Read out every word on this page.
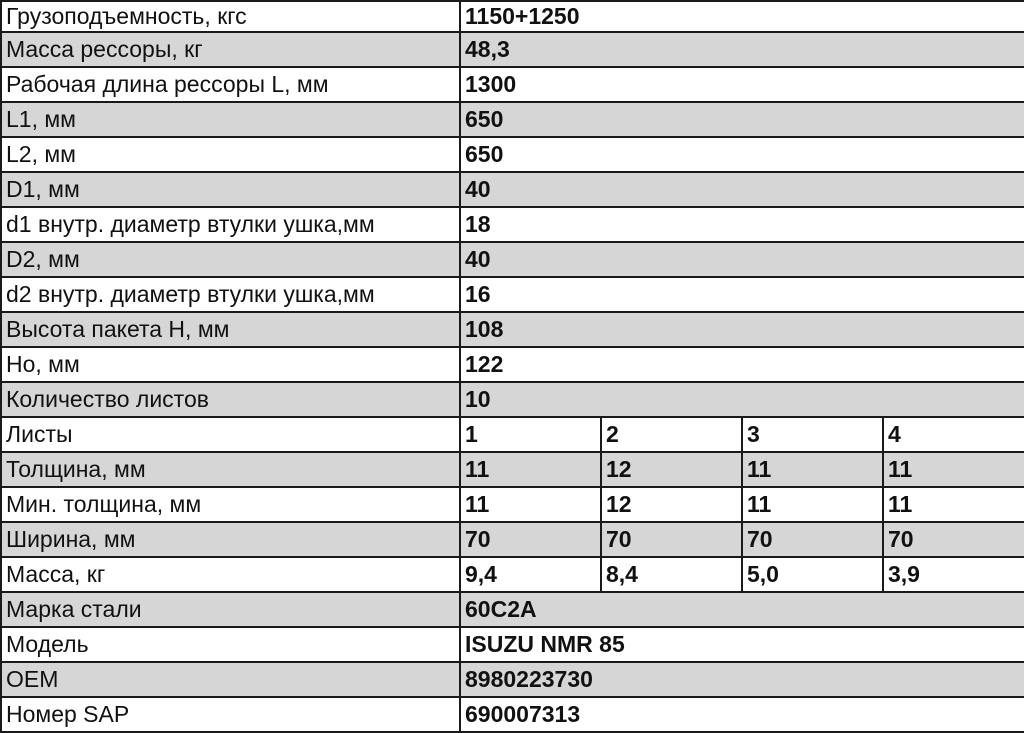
Грузоподъемность, кгс	1150+1250			
Масса рессоры, кг	48,3			
Рабочая длина рессоры L, мм	1300			
L1, мм	650			
L2, мм	650			
D1, мм	40			
d1 внутр. диаметр втулки ушка,мм	18			
D2, мм	40			
d2 внутр. диаметр втулки ушка,мм	16			
Высота пакета Н, мм	108			
Но, мм	122			
Количество листов	10			
Листы	1	2	3	4
Толщина, мм	11	12	11	11
Мин. толщина, мм	11	12	11	11
Ширина, мм	70	70	70	70
Масса, кг	9,4	8,4	5,0	3,9
Марка стали	60С2А			
Модель	ISUZU NMR 85			
OEM	8980223730			
Номер SAP	690007313			
